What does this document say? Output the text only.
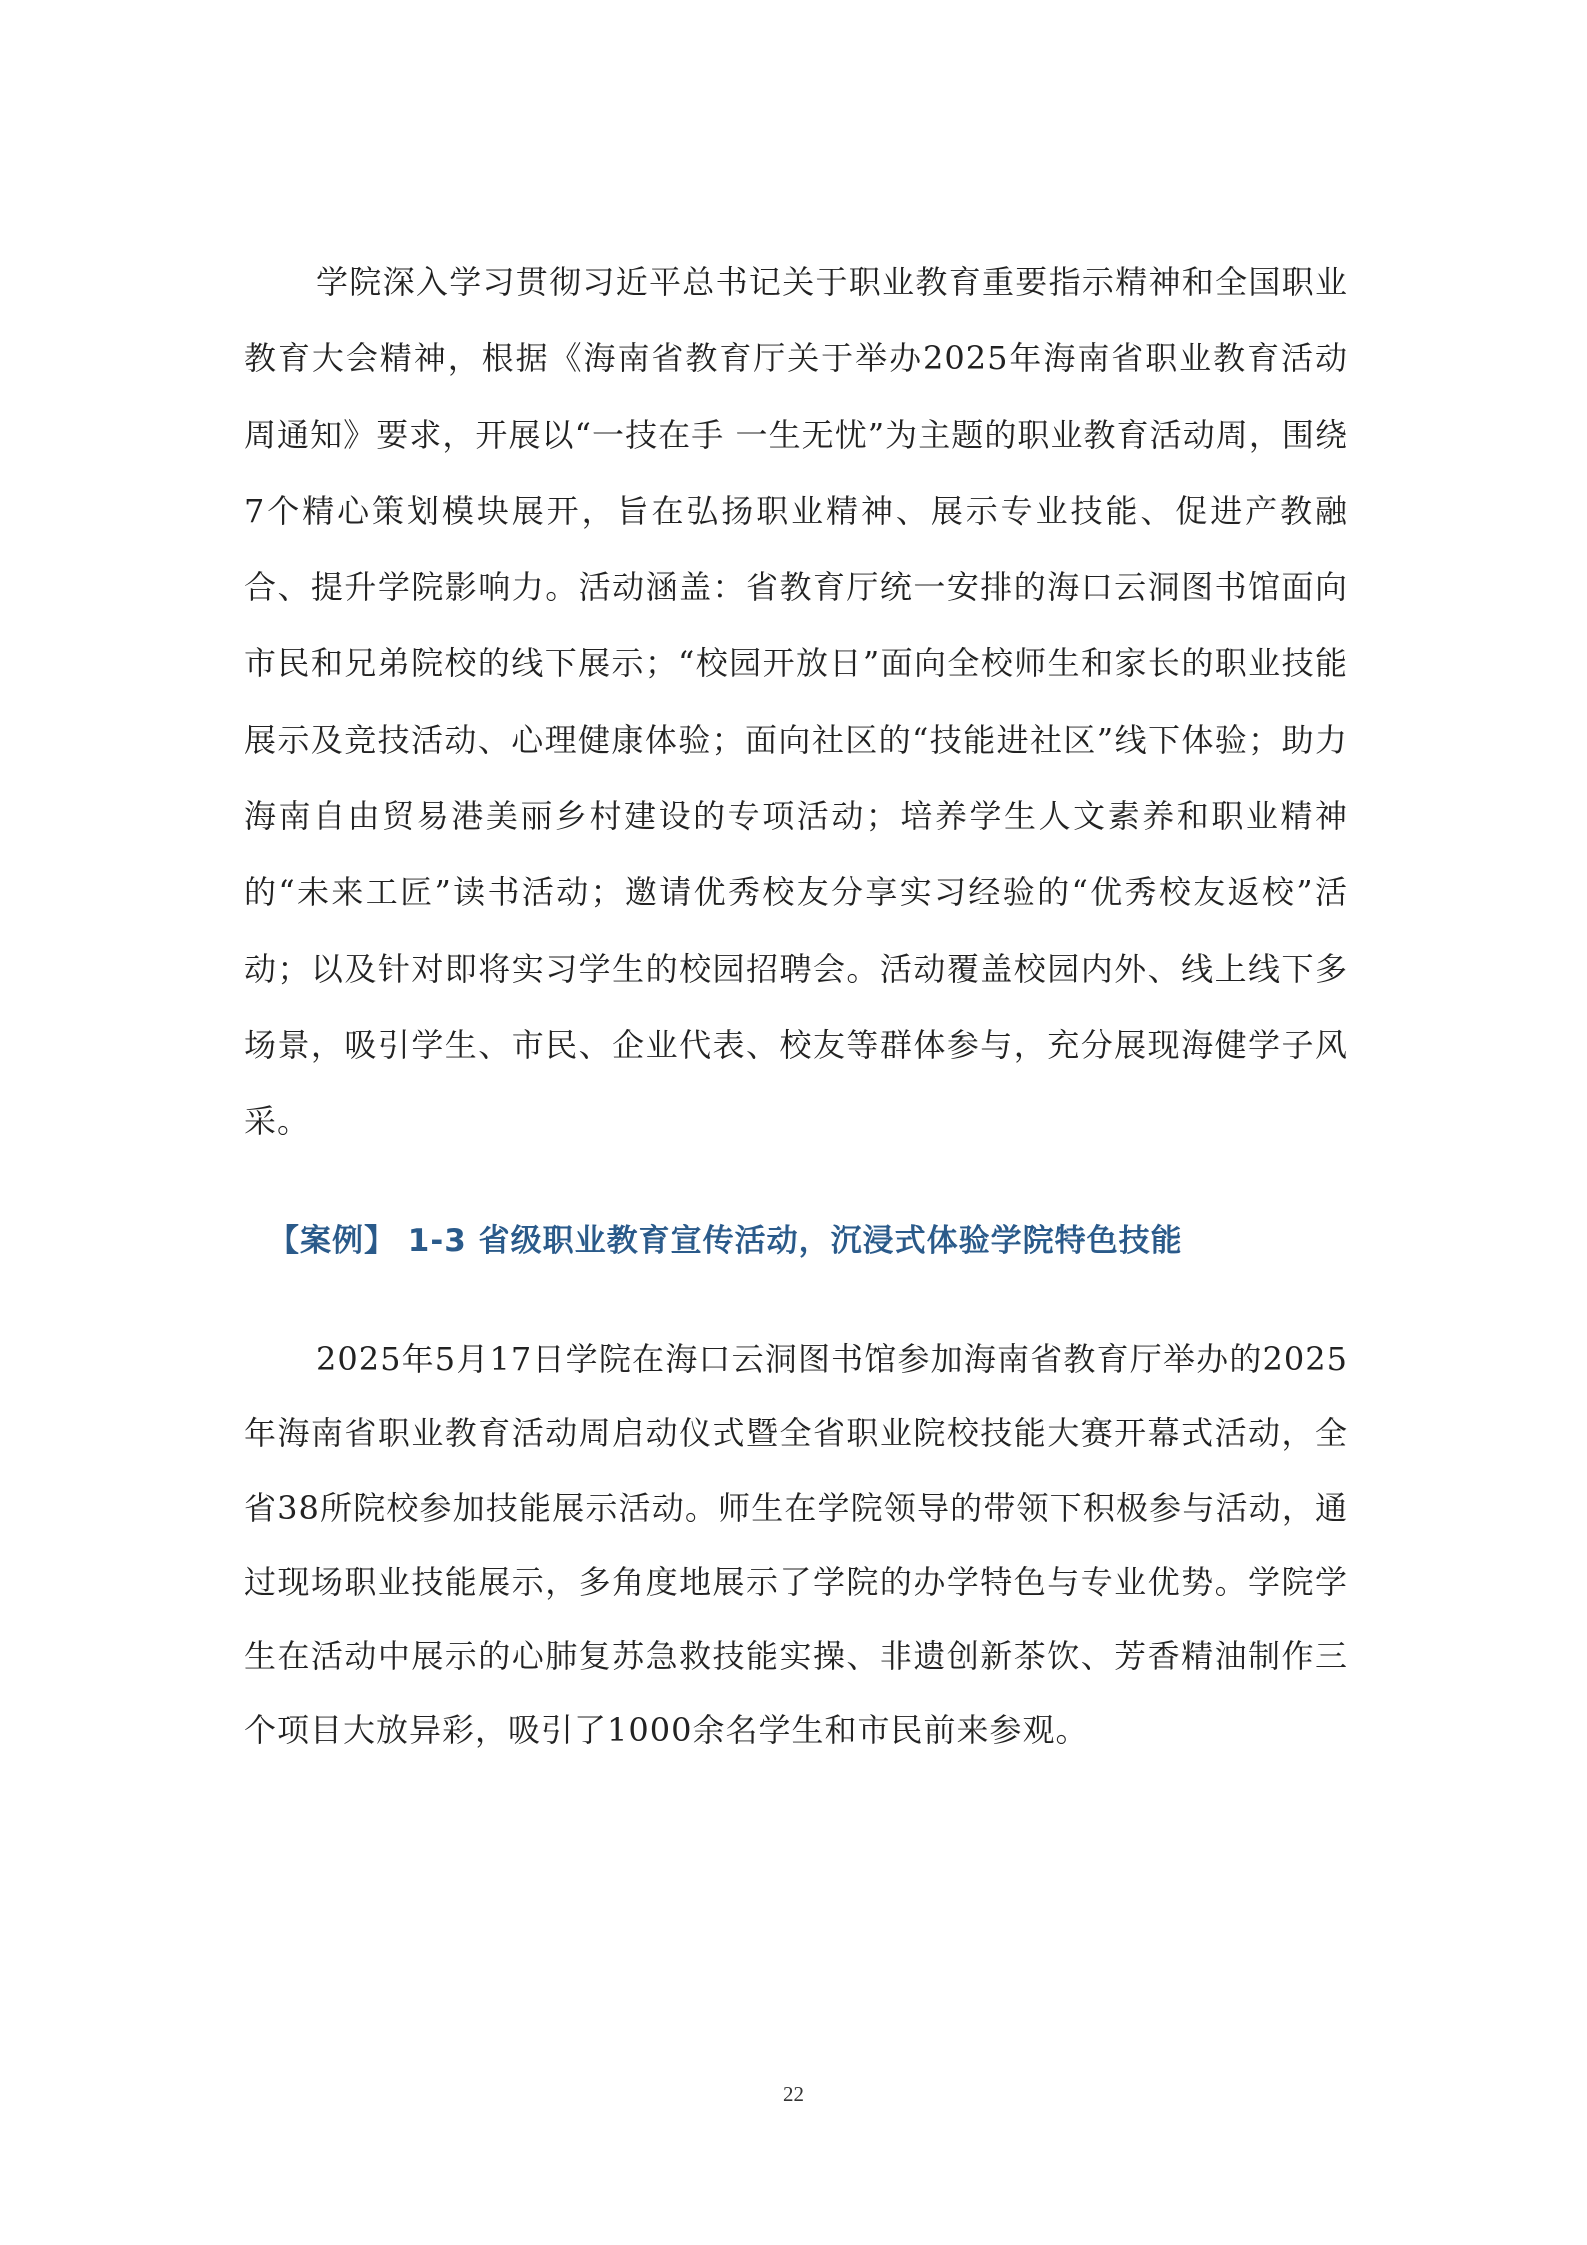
学院深入学习贯彻习近平总书记关于职业教育重要指示精神和全国职业教育大会精神，根据《海南省教育厅关于举办2025年海南省职业教育活动周通知》要求，开展以“一技在手 一生无忧”为主题的职业教育活动周，围绕7个精心策划模块展开，旨在弘扬职业精神、展示专业技能、促进产教融合、提升学院影响力。活动涵盖：省教育厅统一安排的海口云洞图书馆面向市民和兄弟院校的线下展示；“校园开放日”面向全校师生和家长的职业技能展示及竞技活动、心理健康体验；面向社区的“技能进社区”线下体验；助力海南自由贸易港美丽乡村建设的专项活动；培养学生人文素养和职业精神的“未来工匠”读书活动；邀请优秀校友分享实习经验的“优秀校友返校”活动；以及针对即将实习学生的校园招聘会。活动覆盖校园内外、线上线下多场景，吸引学生、市民、企业代表、校友等群体参与，充分展现海健学子风采。

【案例】 1-3 省级职业教育宣传活动，沉浸式体验学院特色技能

2025年5月17日学院在海口云洞图书馆参加海南省教育厅举办的2025年海南省职业教育活动周启动仪式暨全省职业院校技能大赛开幕式活动，全省38所院校参加技能展示活动。师生在学院领导的带领下积极参与活动，通过现场职业技能展示，多角度地展示了学院的办学特色与专业优势。学院学生在活动中展示的心肺复苏急救技能实操、非遗创新茶饮、芳香精油制作三个项目大放异彩，吸引了1000余名学生和市民前来参观。

22
